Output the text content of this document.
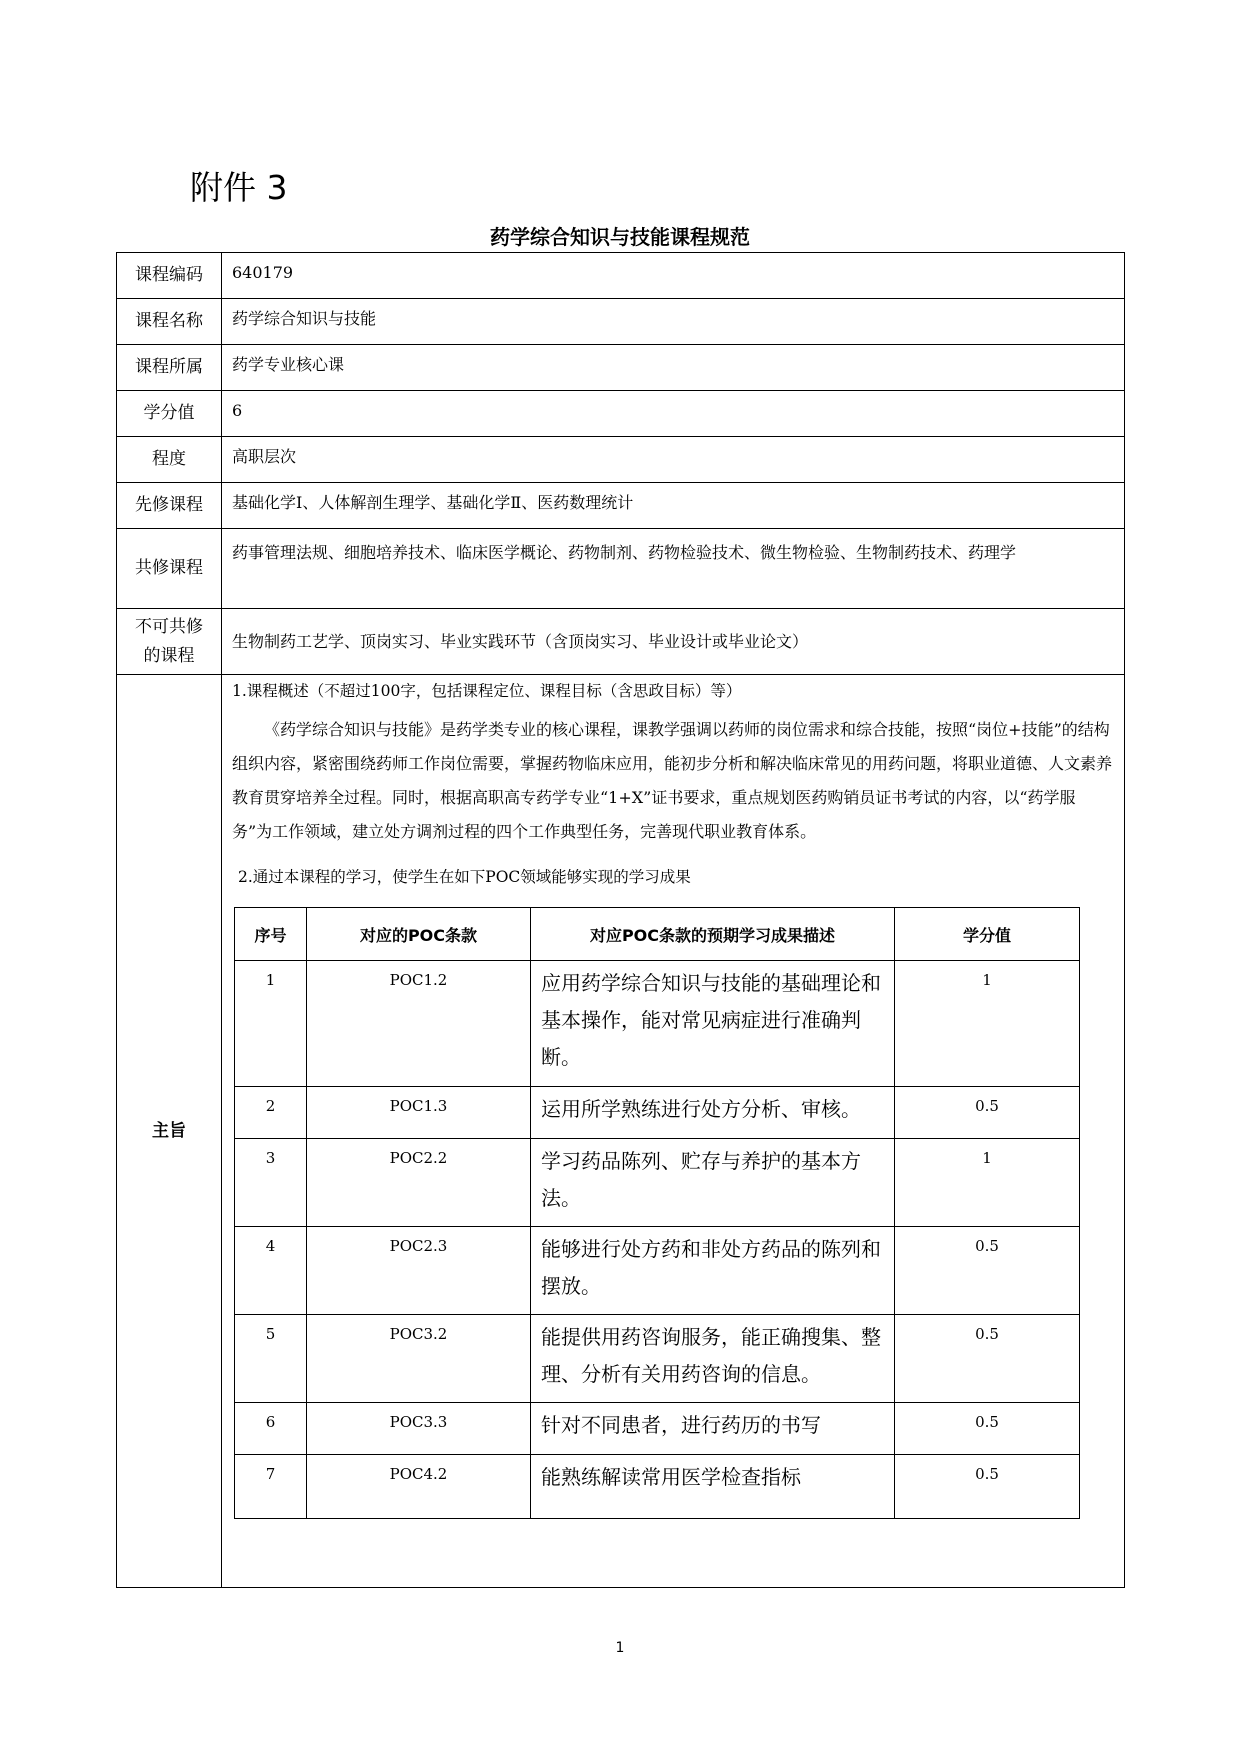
附件 3
药学综合知识与技能课程规范
课程编码	640179
课程名称	药学综合知识与技能
课程所属	药学专业核心课
学分值	6
程度	高职层次
先修课程	基础化学Ⅰ、人体解剖生理学、基础化学Ⅱ、医药数理统计
共修课程	药事管理法规、细胞培养技术、临床医学概论、药物制剂、药物检验技术、微生物检验、生物制药技术、药理学
不可共修的课程	生物制药工艺学、顶岗实习、毕业实践环节（含顶岗实习、毕业设计或毕业论文）
主旨	

1.课程概述（不超过100字，包括课程定位、课程目标（含思政目标）等）

《药学综合知识与技能》是药学类专业的核心课程，课教学强调以药师的岗位需求和综合技能，按照“岗位+技能”的结构组织内容，紧密围绕药师工作岗位需要，掌握药物临床应用，能初步分析和解决临床常见的用药问题，将职业道德、人文素养教育贯穿培养全过程。同时，根据高职高专药学专业“1+X”证书要求，重点规划医药购销员证书考试的内容，以“药学服务”为工作领域，建立处方调剂过程的四个工作典型任务，完善现代职业教育体系。

2.通过本课程的学习，使学生在如下POC领域能够实现的学习成果

序号	对应的POC条款	对应POC条款的预期学习成果描述	学分值
1	POC1.2	应用药学综合知识与技能的基础理论和基本操作，能对常见病症进行准确判断。	1
2	POC1.3	运用所学熟练进行处方分析、审核。	0.5
3	POC2.2	学习药品陈列、贮存与养护的基本方法。	1
4	POC2.3	能够进行处方药和非处方药品的陈列和摆放。	0.5
5	POC3.2	能提供用药咨询服务，能正确搜集、整理、分析有关用药咨询的信息。	0.5
6	POC3.3	针对不同患者，进行药历的书写	0.5
7	POC4.2	能熟练解读常用医学检查指标	0.5
1
